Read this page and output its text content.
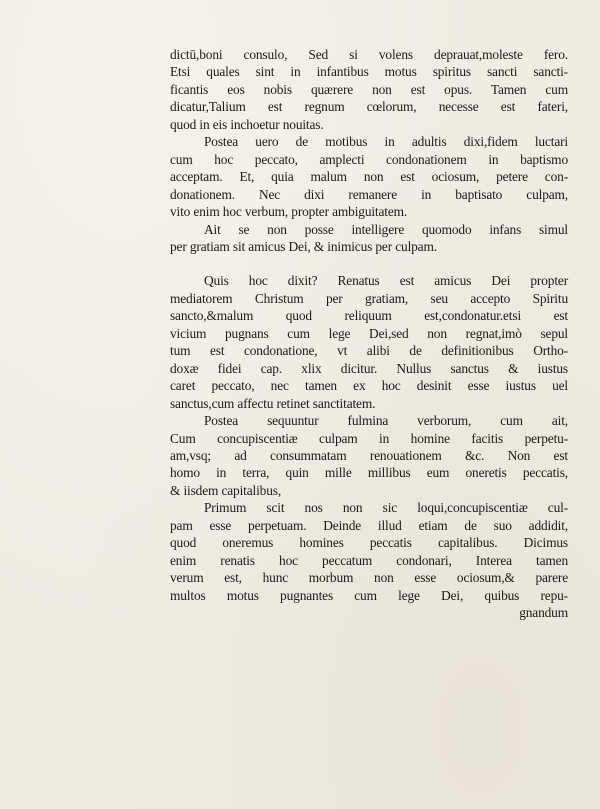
dictū,boni consulo, Sed si volens deprauat,moleste fero.
Etsi quales sint in infantibus motus spiritus sancti sancti-
ficantis eos nobis quærere non est opus. Tamen cum
dicatur,Talium est regnum cœlorum, necesse est fateri,
quod in eis inchoetur nouitas.
Postea uero de motibus in adultis dixi,fidem luctari
cum hoc peccato, amplecti condonationem in baptismo
acceptam. Et, quia malum non est ociosum, petere con-
donationem. Nec dixi remanere in baptisato culpam,
vito enim hoc verbum, propter ambiguitatem.
Ait se non posse intelligere quomodo infans simul
per gratiam sit amicus Dei, & inimicus per culpam.
Quis hoc dixit? Renatus est amicus Dei propter
mediatorem Christum per gratiam, seu accepto Spiritu
sancto,&malum quod reliquum est,condonatur.etsi est
vicium pugnans cum lege Dei,sed non regnat,imò sepul
tum est condonatione, vt alibi de definitionibus Ortho-
doxæ fidei cap. xlix dicitur. Nullus sanctus & iustus
caret peccato, nec tamen ex hoc desinit esse iustus uel
sanctus,cum affectu retinet sanctitatem.
Postea sequuntur fulmina verborum, cum ait,
Cum concupiscentiæ culpam in homine facitis perpetu-
am,vsq; ad consummatam renouationem &c. Non est
homo in terra, quin mille millibus eum oneretis peccatis,
& iisdem capitalibus,
Primum scit nos non sic loqui,concupiscentiæ cul-
pam esse perpetuam. Deinde illud etiam de suo addidit,
quod oneremus homines peccatis capitalibus. Dicimus
enim renatis hoc peccatum condonari, Interea tamen
verum est, hunc morbum non esse ociosum,& parere
multos motus pugnantes cum lege Dei, quibus repu-
gnandum
